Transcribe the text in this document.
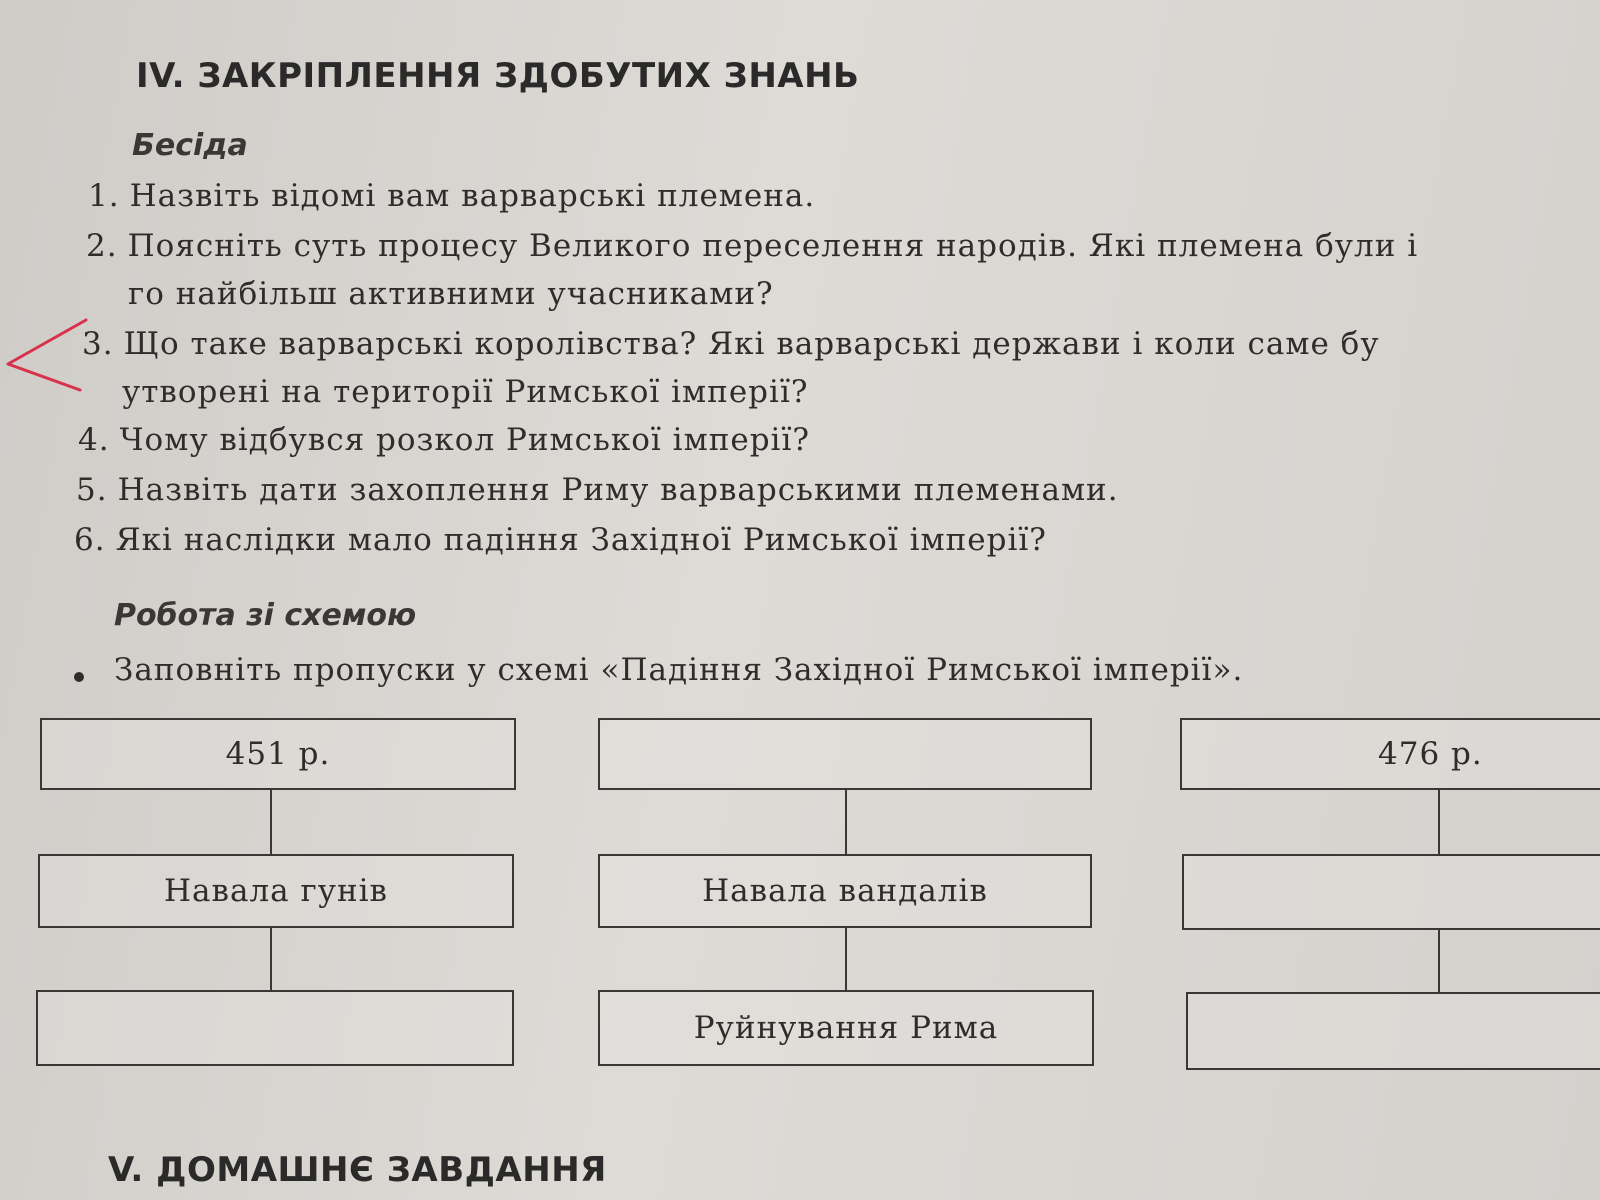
IV. ЗАКРІПЛЕННЯ ЗДОБУТИХ ЗНАНЬ
Бесіда
1. Назвіть відомі вам варварські племена.
2. Поясніть суть процесу Великого переселення народів. Які племена були і
го найбільш активними учасниками?
3. Що таке варварські королівства? Які варварські держави і коли саме бу
утворені на території Римської імперії?
4. Чому відбувся розкол Римської імперії?
5. Назвіть дати захоплення Риму варварськими племенами.
6. Які наслідки мало падіння Західної Римської імперії?
Робота зі схемою
Заповніть пропуски у схемі «Падіння Західної Римської імперії».
451 р.
Навала гунів	Навала вандалів
Руйнування Рима
476 р.
V. ДОМАШНЄ ЗАВДАННЯ
